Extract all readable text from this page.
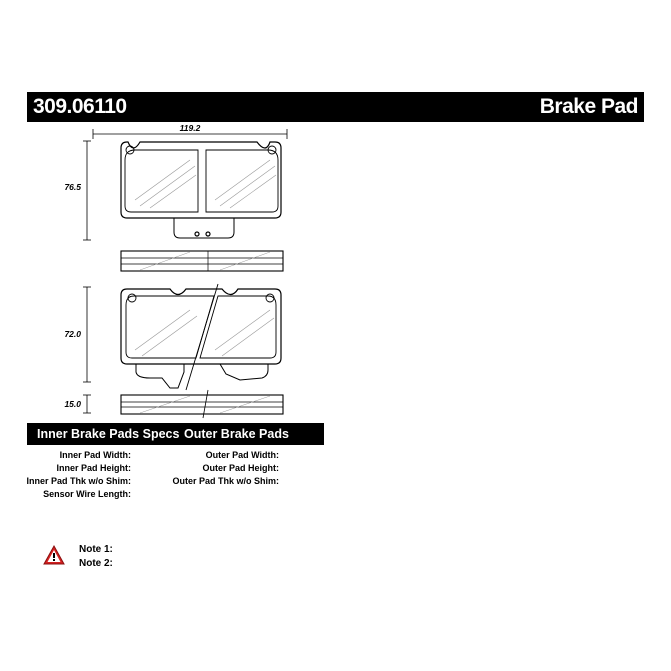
309.06110	Brake Pad
119.2
76.5
72.0
15.0
Inner Brake Pads Specs Outer Brake Pads Specs
Inner Pad Width:
Inner Pad Height:
Inner Pad Thk w/o Shim:
Sensor Wire Length:
Outer Pad Width:
Outer Pad Height:
Outer Pad Thk w/o Shim:
Note 1:
Note 2:
